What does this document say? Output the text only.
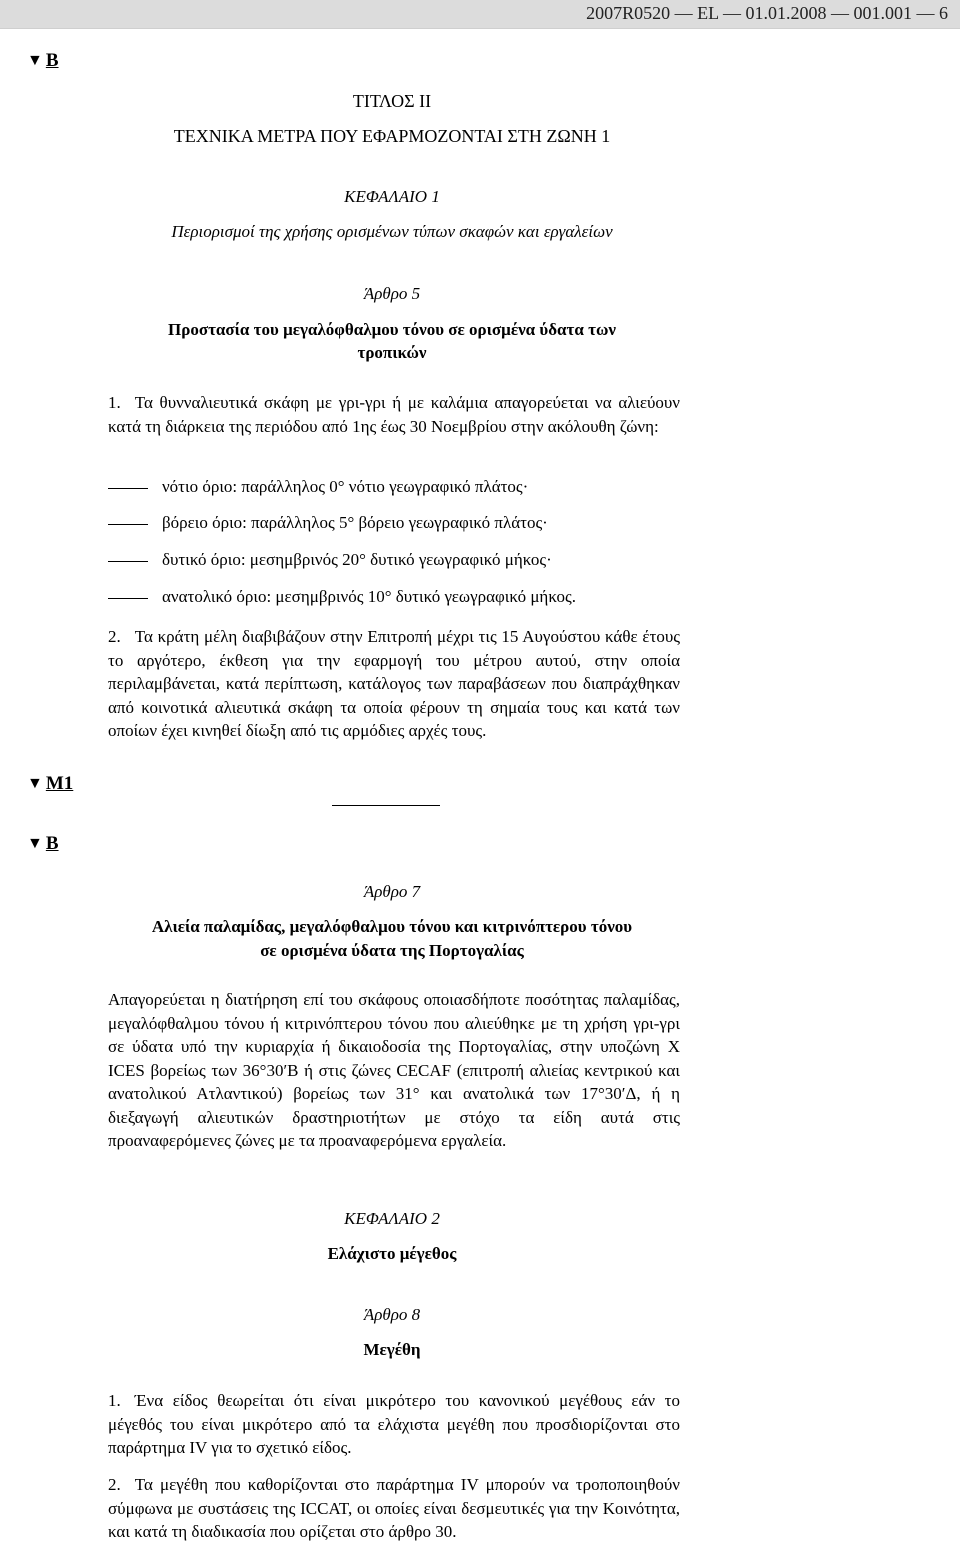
2007R0520 — EL — 01.01.2008 — 001.001 — 6
▼ B
▼ M1
▼ B
ΤΙΤΛΟΣ ΙΙ
ΤΕΧΝΙΚΑ ΜΕΤΡΑ ΠΟΥ ΕΦΑΡΜΟΖΟΝΤΑΙ ΣΤΗ ΖΩΝΗ 1
ΚΕΦΑΛΑΙΟ 1
Περιορισμοί της χρήσης ορισμένων τύπων σκαφών και εργαλείων
Άρθρο 5
Προστασία του μεγαλόφθαλμου τόνου σε ορισμένα ύδατα των
τροπικών

1. Τα θυνναλιευτικά σκάφη με γρι-γρι ή με καλάμια απαγορεύεται να αλιεύουν κατά τη διάρκεια της περιόδου από 1ης έως 30 Νοεμβρίου στην ακόλουθη ζώνη:

νότιο όριο: παράλληλος 0° νότιο γεωγραφικό πλάτος·
βόρειο όριο: παράλληλος 5° βόρειο γεωγραφικό πλάτος·
δυτικό όριο: μεσημβρινός 20° δυτικό γεωγραφικό μήκος·
ανατολικό όριο: μεσημβρινός 10° δυτικό γεωγραφικό μήκος.

2. Τα κράτη μέλη διαβιβάζουν στην Επιτροπή μέχρι τις 15 Αυγούστου κάθε έτους το αργότερο, έκθεση για την εφαρμογή του μέτρου αυτού, στην οποία περιλαμβάνεται, κατά περίπτωση, κατάλογος των παραβάσεων που διαπράχθηκαν από κοινοτικά αλιευτικά σκάφη τα οποία φέρουν τη σημαία τους και κατά των οποίων έχει κινηθεί δίωξη από τις αρμόδιες αρχές τους.

Άρθρο 7
Αλιεία παλαμίδας, μεγαλόφθαλμου τόνου και κιτρινόπτερου τόνου
σε ορισμένα ύδατα της Πορτογαλίας

Απαγορεύεται η διατήρηση επί του σκάφους οποιασδήποτε ποσότητας παλαμίδας, μεγαλόφθαλμου τόνου ή κιτρινόπτερου τόνου που αλιεύθηκε με τη χρήση γρι-γρι σε ύδατα υπό την κυριαρχία ή δικαιοδοσία της Πορτογαλίας, στην υποζώνη X ICES βορείως των 36°30′Β ή στις ζώνες CECAF (επιτροπή αλιείας κεντρικού και ανατολικού Ατλαντικού) βορείως των 31° και ανατολικά των 17°30′Δ, ή η διεξαγωγή αλιευτικών δραστηριοτήτων με στόχο τα είδη αυτά στις προαναφερόμενες ζώνες με τα προαναφερόμενα εργαλεία.

ΚΕΦΑΛΑΙΟ 2
Ελάχιστο μέγεθος
Άρθρο 8
Μεγέθη

1. Ένα είδος θεωρείται ότι είναι μικρότερο του κανονικού μεγέθους εάν το μέγεθός του είναι μικρότερο από τα ελάχιστα μεγέθη που προσδιορίζονται στο παράρτημα IV για το σχετικό είδος.

2. Τα μεγέθη που καθορίζονται στο παράρτημα IV μπορούν να τροποποιηθούν σύμφωνα με συστάσεις της ICCAT, οι οποίες είναι δεσμευτικές για την Κοινότητα, και κατά τη διαδικασία που ορίζεται στο άρθρο 30.
